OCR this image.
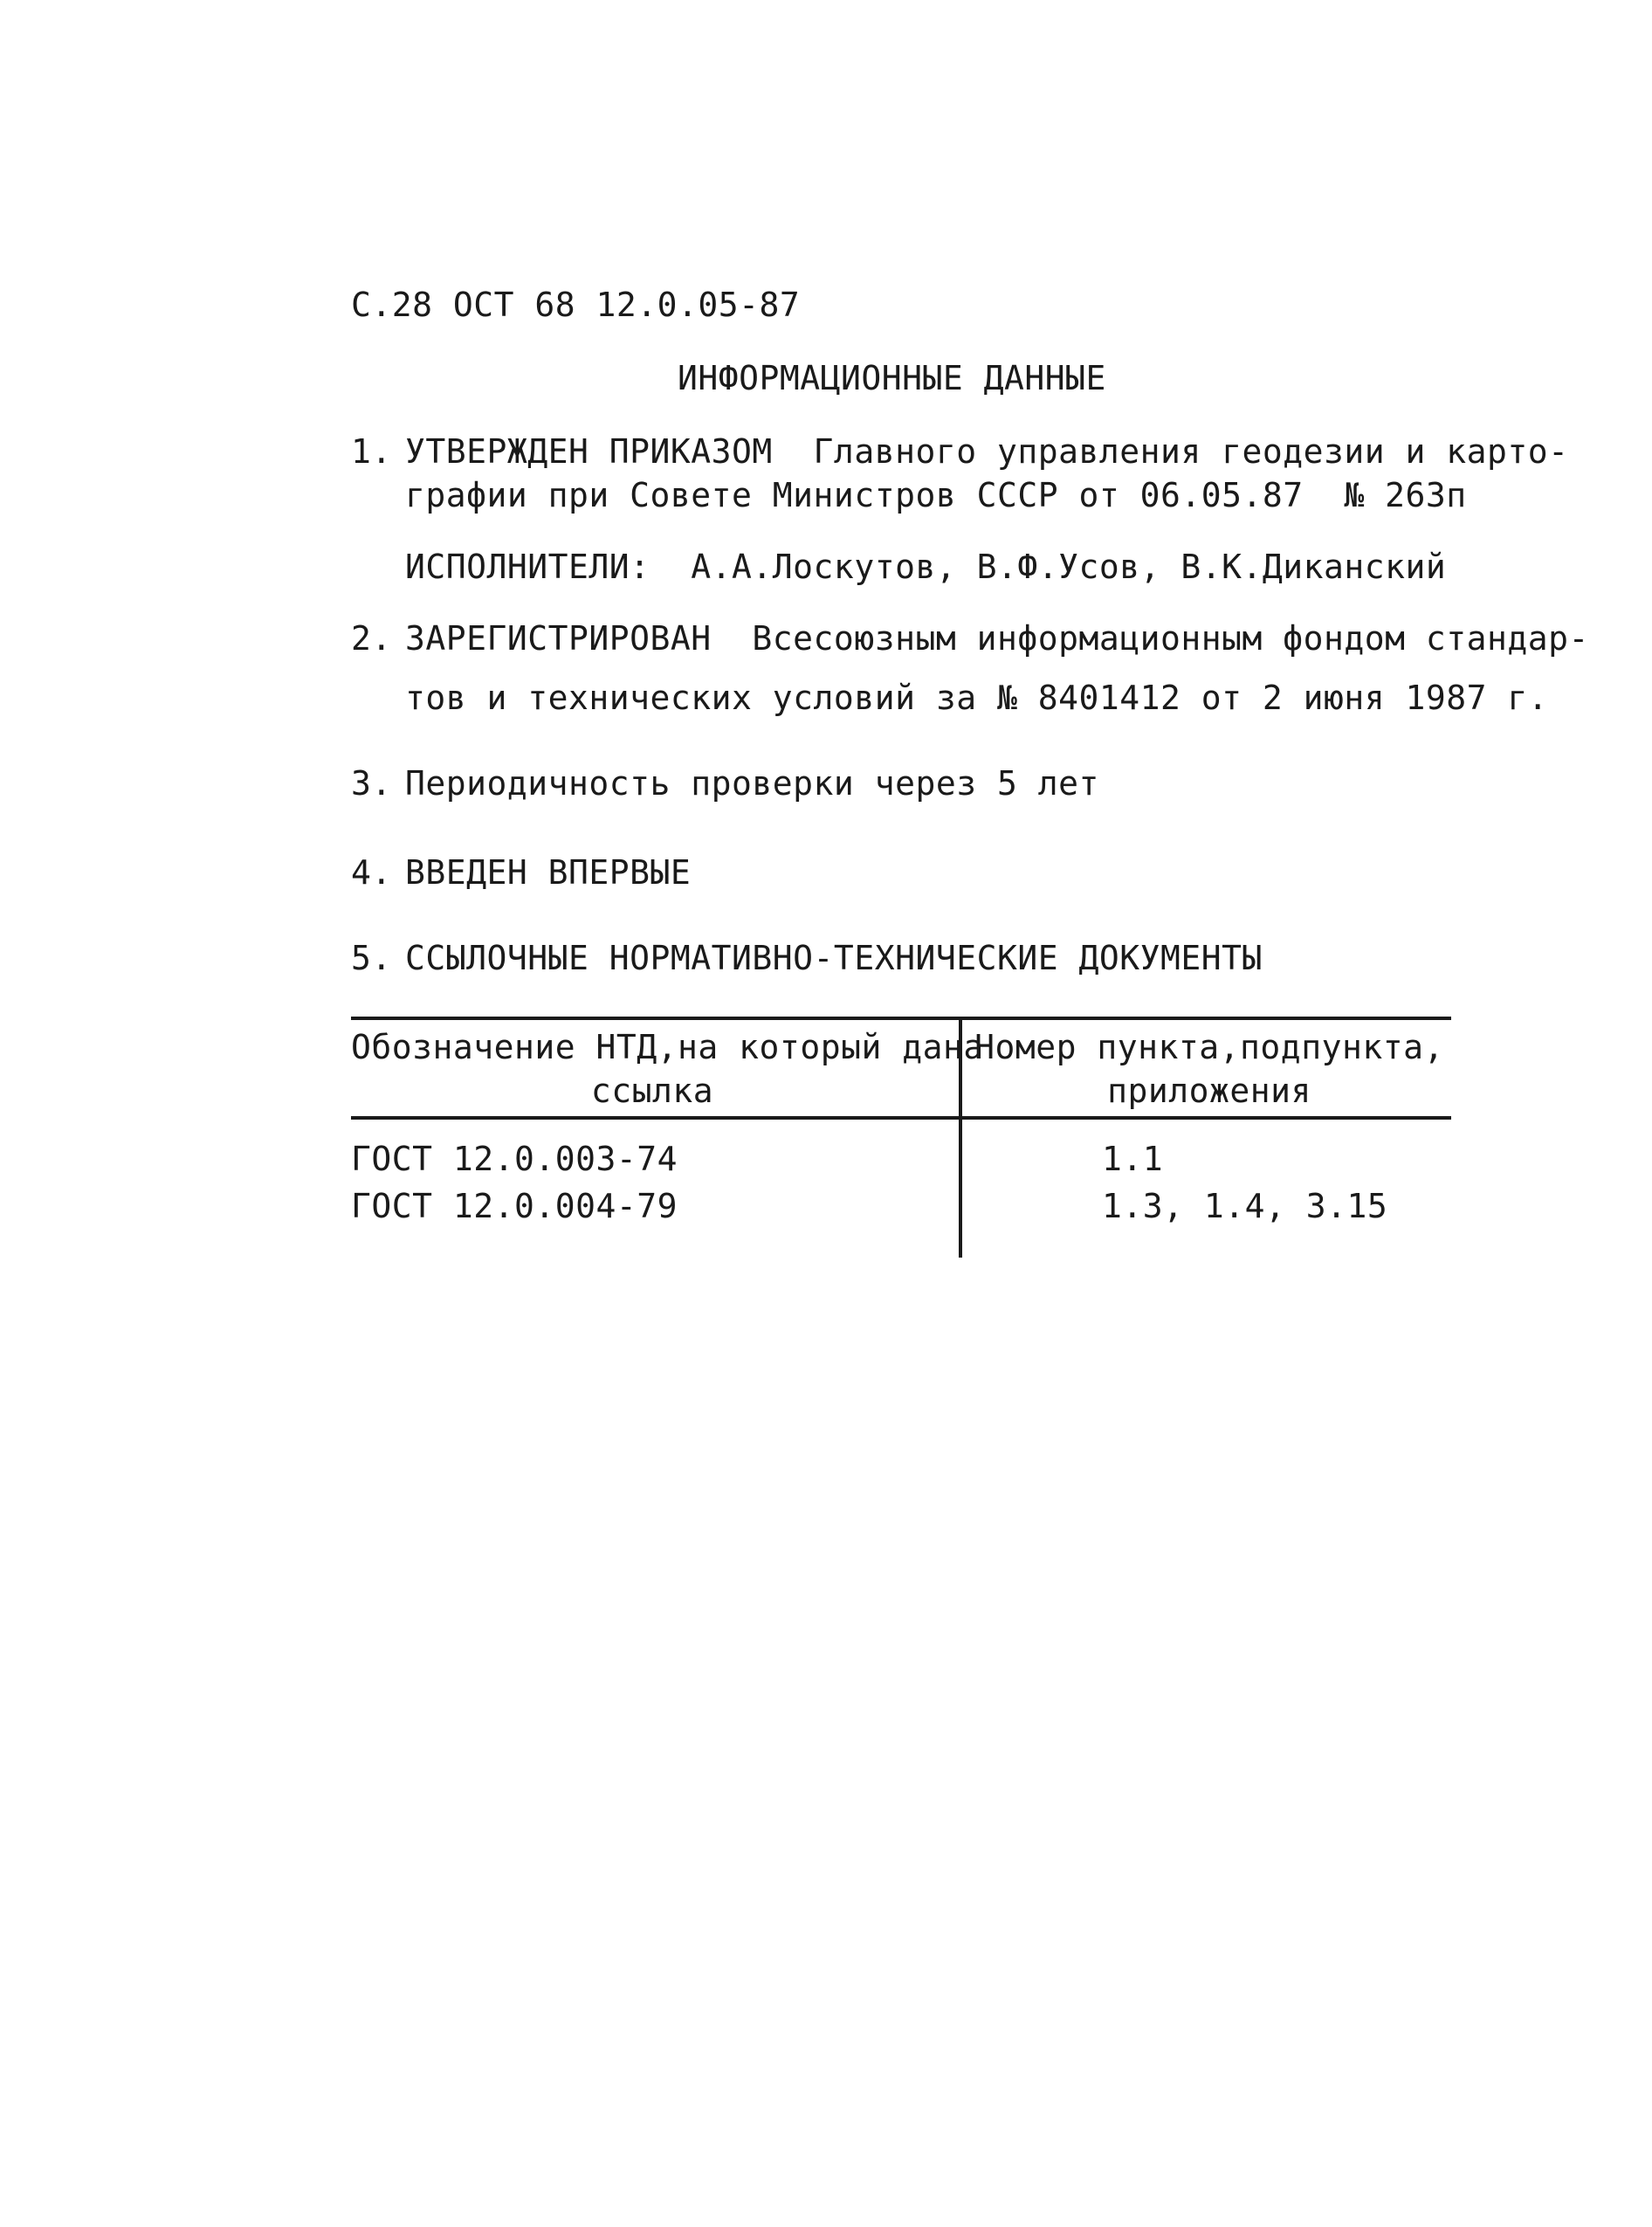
С.28 ОСТ 68 12.0.05-87
ИНФОРМАЦИОННЫЕ ДАННЫЕ
1. УТВЕРЖДЕН ПРИКАЗОМ  Главного управления геодезии и карто-
графии при Совете Министров СССР от 06.05.87  № 263п
ИСПОЛНИТЕЛИ:  А.А.Лоскутов, В.Ф.Усов, В.К.Диканский
2. ЗАРЕГИСТРИРОВАН  Всесоюзным информационным фондом стандар-
тов и технических условий за № 8401412 от 2 июня 1987 г.
3. Периодичность проверки через 5 лет
4. ВВЕДЕН ВПЕРВЫЕ
5. ССЫЛОЧНЫЕ НОРМАТИВНО-ТЕХНИЧЕСКИЕ ДОКУМЕНТЫ
Обозначение НТД,на который дана
ссылка
Номер пункта,подпункта,
приложения
ГОСТ 12.0.003-74	1.1
ГОСТ 12.0.004-79	1.3, 1.4, 3.15
